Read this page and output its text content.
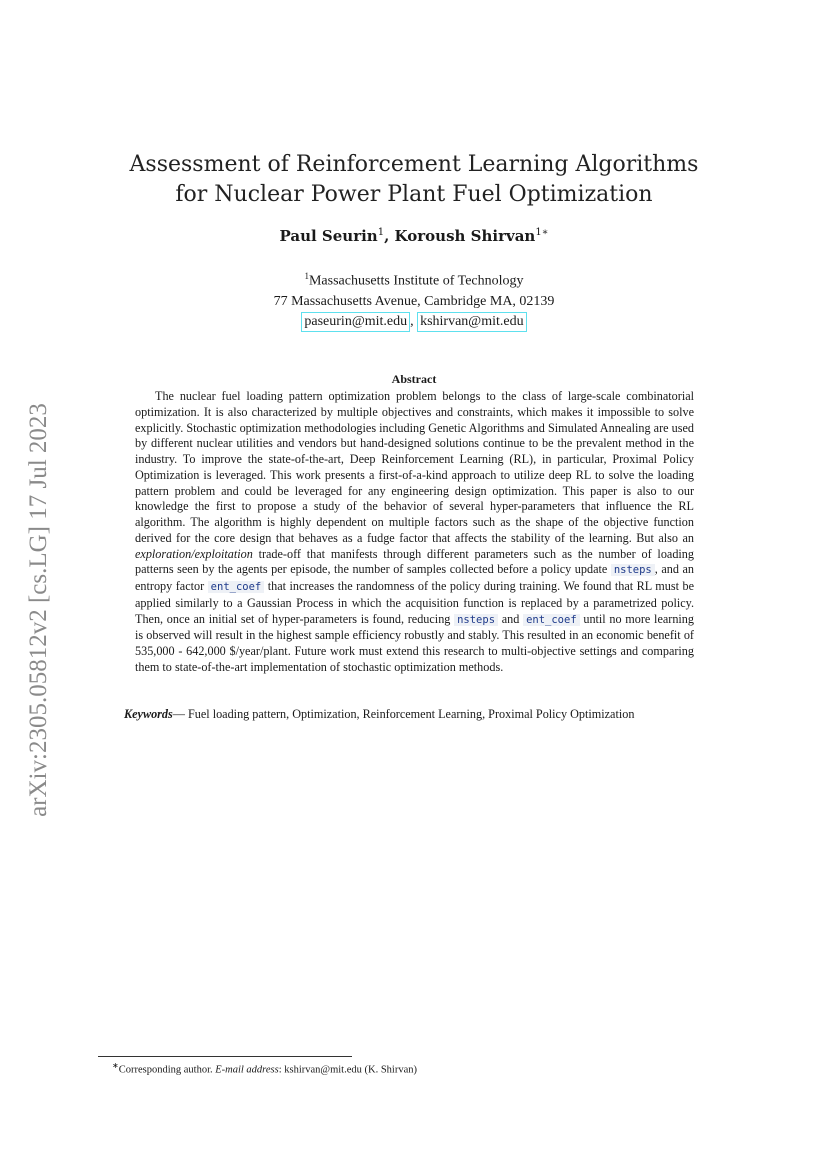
arXiv:2305.05812v2 [cs.LG] 17 Jul 2023
Assessment of Reinforcement Learning Algorithms
for Nuclear Power Plant Fuel Optimization
Paul Seurin$^1$, Koroush Shirvan$^{1∗}$
$^1$Massachusetts Institute of Technology
77 Massachusetts Avenue, Cambridge MA, 02139
paseurin@mit.edu , kshirvan@mit.edu
Abstract

The nuclear fuel loading pattern optimization problem belongs to the class of large-scale combinatorial optimization. It is also characterized by multiple objectives and constraints, which makes it impossible to solve explicitly. Stochastic optimization methodologies including Genetic Algorithms and Simulated Annealing are used by different nuclear utilities and vendors but hand-designed solutions continue to be the prevalent method in the industry. To improve the state-of-the-art, Deep Reinforcement Learning (RL), in particular, Proximal Policy Optimization is leveraged. This work presents a first-of-a-kind approach to utilize deep RL to solve the loading pattern problem and could be leveraged for any engineering design optimization. This paper is also to our knowledge the first to propose a study of the behavior of several hyper-parameters that influence the RL algorithm. The algorithm is highly dependent on multiple factors such as the shape of the objective function derived for the core design that behaves as a fudge factor that affects the stability of the learning. But also an exploration/exploitation trade-off that manifests through different parameters such as the number of loading patterns seen by the agents per episode, the number of samples collected before a policy update nsteps , and an entropy factor ent_coef that increases the randomness of the policy during training. We found that RL must be applied similarly to a Gaussian Process in which the acquisition function is replaced by a parametrized policy. Then, once an initial set of hyper-parameters is found, reducing nsteps and ent_coef until no more learning is observed will result in the highest sample efficiency robustly and stably. This resulted in an economic benefit of 535,000 - 642,000 $/year/plant. Future work must extend this research to multi-objective settings and comparing them to state-of-the-art implementation of stochastic optimization methods.

Keywords— Fuel loading pattern, Optimization, Reinforcement Learning, Proximal Policy Optimization
∗Corresponding author. E-mail address: kshirvan@mit.edu (K. Shirvan)
